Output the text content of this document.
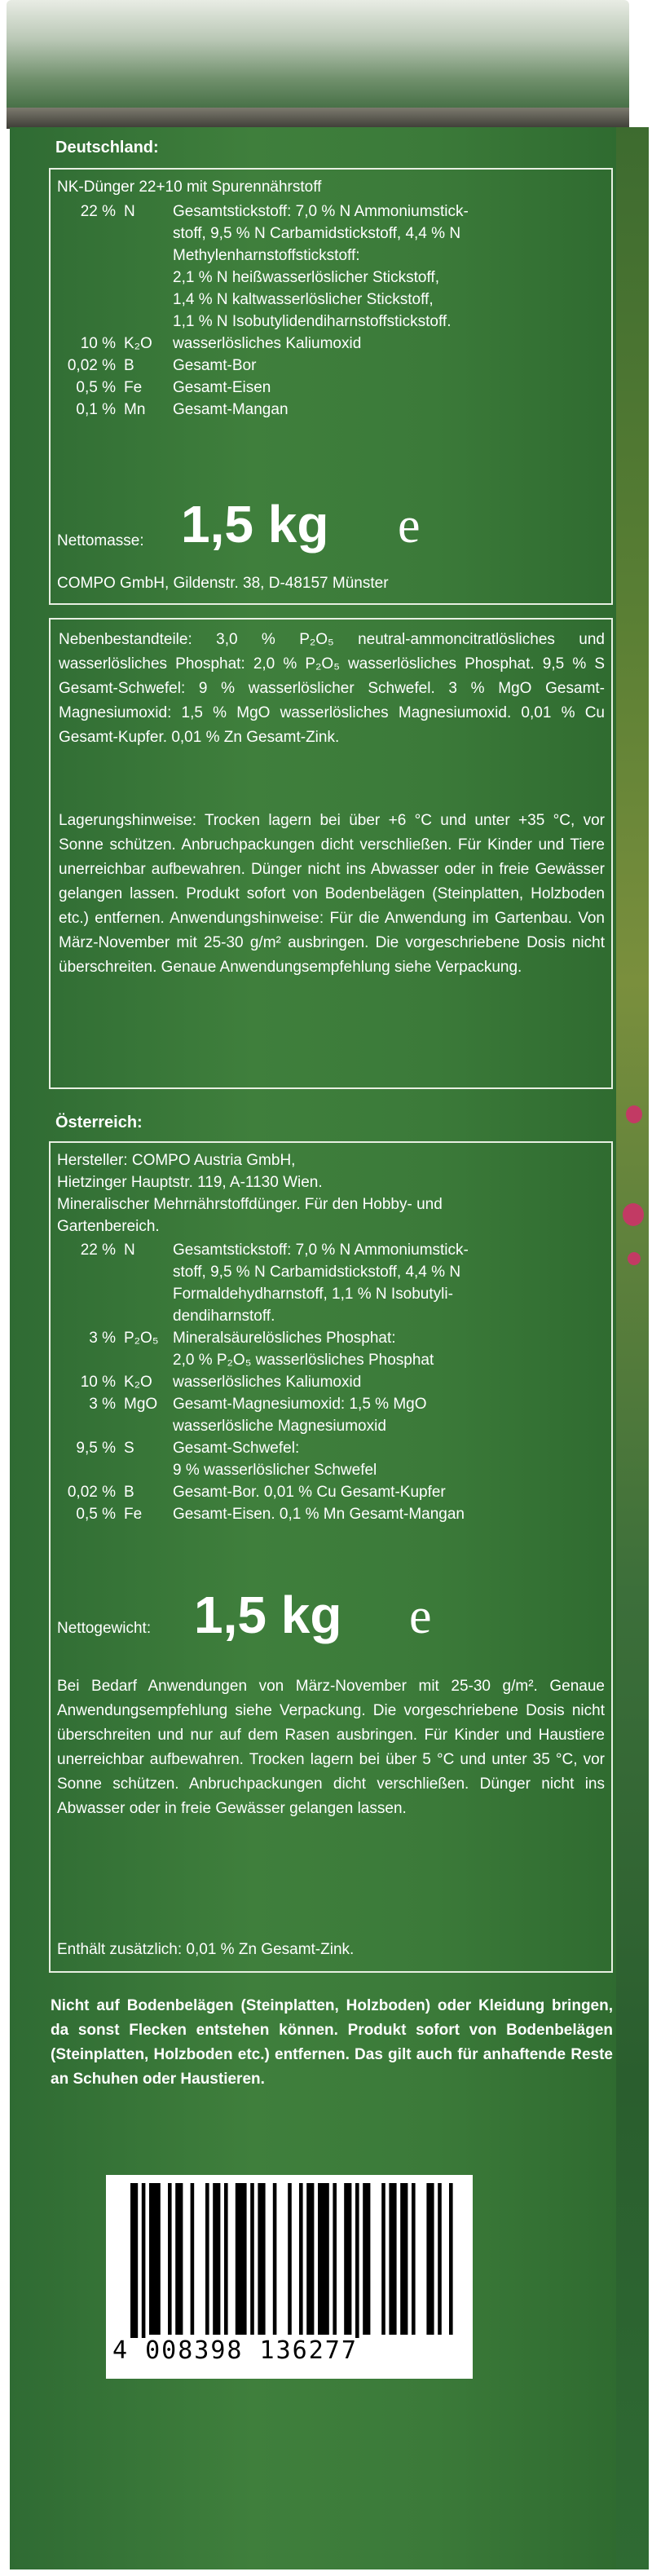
Deutschland:
NK-Dünger 22+10 mit Spurennährstoff
22 % N Gesamtstickstoff: 7,0 % N Ammoniumstick-
stoff, 9,5 % N Carbamidstickstoff, 4,4 % N
Methylenharnstoffstickstoff:
2,1 % N heißwasserlöslicher Stickstoff,
1,4 % N kaltwasserlöslicher Stickstoff,
1,1 % N Isobutylidendiharnstoffstickstoff.
10 % K₂O wasserlösliches Kaliumoxid
0,02 % B Gesamt-Bor
0,5 % Fe Gesamt-Eisen
0,1 % Mn Gesamt-Mangan
Nettomasse: 1,5 kg e
COMPO GmbH, Gildenstr. 38, D-48157 Münster
Nebenbestandteile: 3,0 % P₂O₅ neutral-ammoncitratlösliches und wasserlösliches Phosphat: 2,0 % P₂O₅ wasserlösliches Phosphat. 9,5 % S Gesamt-Schwefel: 9 % wasserlöslicher Schwefel. 3 % MgO Gesamt-Magnesiumoxid: 1,5 % MgO wasserlösliches Magnesiumoxid. 0,01 % Cu Gesamt-Kupfer. 0,01 % Zn Gesamt-Zink.
Lagerungshinweise: Trocken lagern bei über +6 °C und unter +35 °C, vor Sonne schützen. Anbruchpackungen dicht verschließen. Für Kinder und Tiere unerreichbar aufbewahren. Dünger nicht ins Abwasser oder in freie Gewässer gelangen lassen. Produkt sofort von Bodenbelägen (Steinplatten, Holzboden etc.) entfernen. Anwendungshinweise: Für die Anwendung im Gartenbau. Von März-November mit 25-30 g/m² ausbringen. Die vorgeschriebene Dosis nicht überschreiten. Genaue Anwendungsempfehlung siehe Verpackung.
Österreich:
Hersteller: COMPO Austria GmbH,
Hietzinger Hauptstr. 119, A-1130 Wien.
Mineralischer Mehrnährstoffdünger. Für den Hobby- und
Gartenbereich.
22 % N Gesamtstickstoff: 7,0 % N Ammoniumstick-
stoff, 9,5 % N Carbamidstickstoff, 4,4 % N
Formaldehydharnstoff, 1,1 % N Isobutyli-
dendiharnstoff.
3 % P₂O₅ Mineralsäurelösliches Phosphat:
2,0 % P₂O₅ wasserlösliches Phosphat
10 % K₂O wasserlösliches Kaliumoxid
3 % MgO Gesamt-Magnesiumoxid: 1,5 % MgO
wasserlösliche Magnesiumoxid
9,5 % S Gesamt-Schwefel:
9 % wasserlöslicher Schwefel
0,02 % B Gesamt-Bor. 0,01 % Cu Gesamt-Kupfer
0,5 % Fe Gesamt-Eisen. 0,1 % Mn Gesamt-Mangan
Nettogewicht: 1,5 kg e
Bei Bedarf Anwendungen von März-November mit 25-30 g/m². Genaue Anwendungsempfehlung siehe Verpackung. Die vorgeschriebene Dosis nicht überschreiten und nur auf dem Rasen ausbringen. Für Kinder und Haustiere unerreichbar aufbewahren. Trocken lagern bei über 5 °C und unter 35 °C, vor Sonne schützen. Anbruchpackungen dicht verschließen. Dünger nicht ins Abwasser oder in freie Gewässer gelangen lassen.
Enthält zusätzlich: 0,01 % Zn Gesamt-Zink.
Nicht auf Bodenbelägen (Steinplatten, Holzboden) oder Kleidung bringen, da sonst Flecken entstehen können. Produkt sofort von Bodenbelägen (Steinplatten, Holzboden etc.) entfernen. Das gilt auch für anhaftende Reste an Schuhen oder Haustieren.
4 008398 136277
